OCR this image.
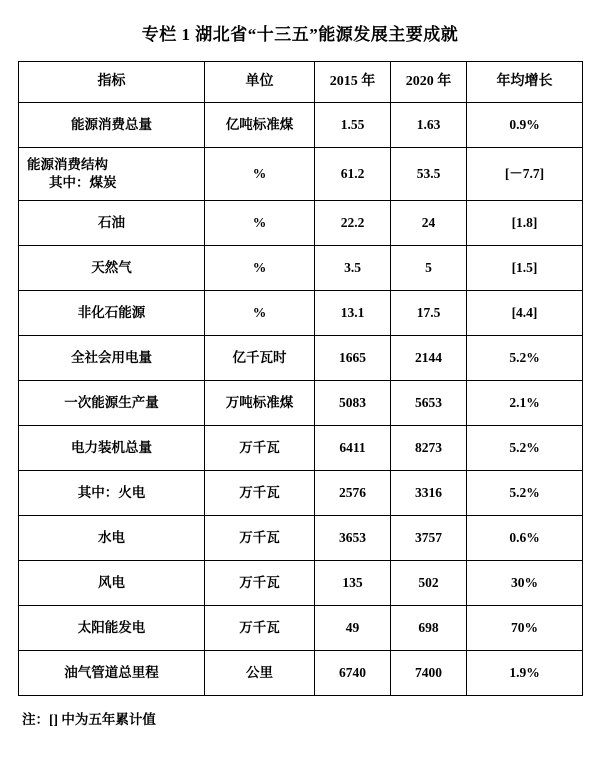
专栏 1 湖北省“十三五”能源发展主要成就
指标	单位	2015 年	2020 年	年均增长
能源消费总量	亿吨标准煤	1.55	1.63	0.9%

能源消费结构
其中：煤炭	%	61.2	53.5	[－7.7]
石油	%	22.2	24	[1.8]
天然气	%	3.5	5	[1.5]
非化石能源	%	13.1	17.5	[4.4]
全社会用电量	亿千瓦时	1665	2144	5.2%
一次能源生产量	万吨标准煤	5083	5653	2.1%
电力装机总量	万千瓦	6411	8273	5.2%
其中：火电	万千瓦	2576	3316	5.2%
水电	万千瓦	3653	3757	0.6%
风电	万千瓦	135	502	30%
太阳能发电	万千瓦	49	698	70%
油气管道总里程	公里	6740	7400	1.9%
注：[] 中为五年累计值
